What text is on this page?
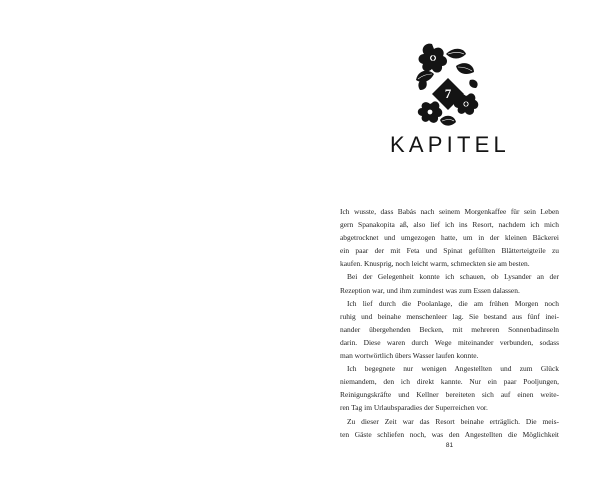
7
KAPITEL
Ich wusste, dass Babás nach seinem Morgenkaffee für sein Leben
gern Spanakopita aß, also lief ich ins Resort, nachdem ich mich
abgetrocknet und umgezogen hatte, um in der kleinen Bäckerei
ein paar der mit Feta und Spinat gefüllten Blätterteigteile zu
kaufen. Knusprig, noch leicht warm, schmeckten sie am besten.
Bei der Gelegenheit konnte ich schauen, ob Lysander an der
Rezeption war, und ihm zumindest was zum Essen dalassen.
Ich lief durch die Poolanlage, die am frühen Morgen noch
ruhig und beinahe menschenleer lag. Sie bestand aus fünf inei-
nander übergehenden Becken, mit mehreren Sonnenbadinseln
darin. Diese waren durch Wege miteinander verbunden, sodass
man wortwörtlich übers Wasser laufen konnte.
Ich begegnete nur wenigen Angestellten und zum Glück
niemandem, den ich direkt kannte. Nur ein paar Pooljungen,
Reinigungskräfte und Kellner bereiteten sich auf einen weite-
ren Tag im Urlaubsparadies der Superreichen vor.
Zu dieser Zeit war das Resort beinahe erträglich. Die meis-
ten Gäste schliefen noch, was den Angestellten die Möglichkeit
81
